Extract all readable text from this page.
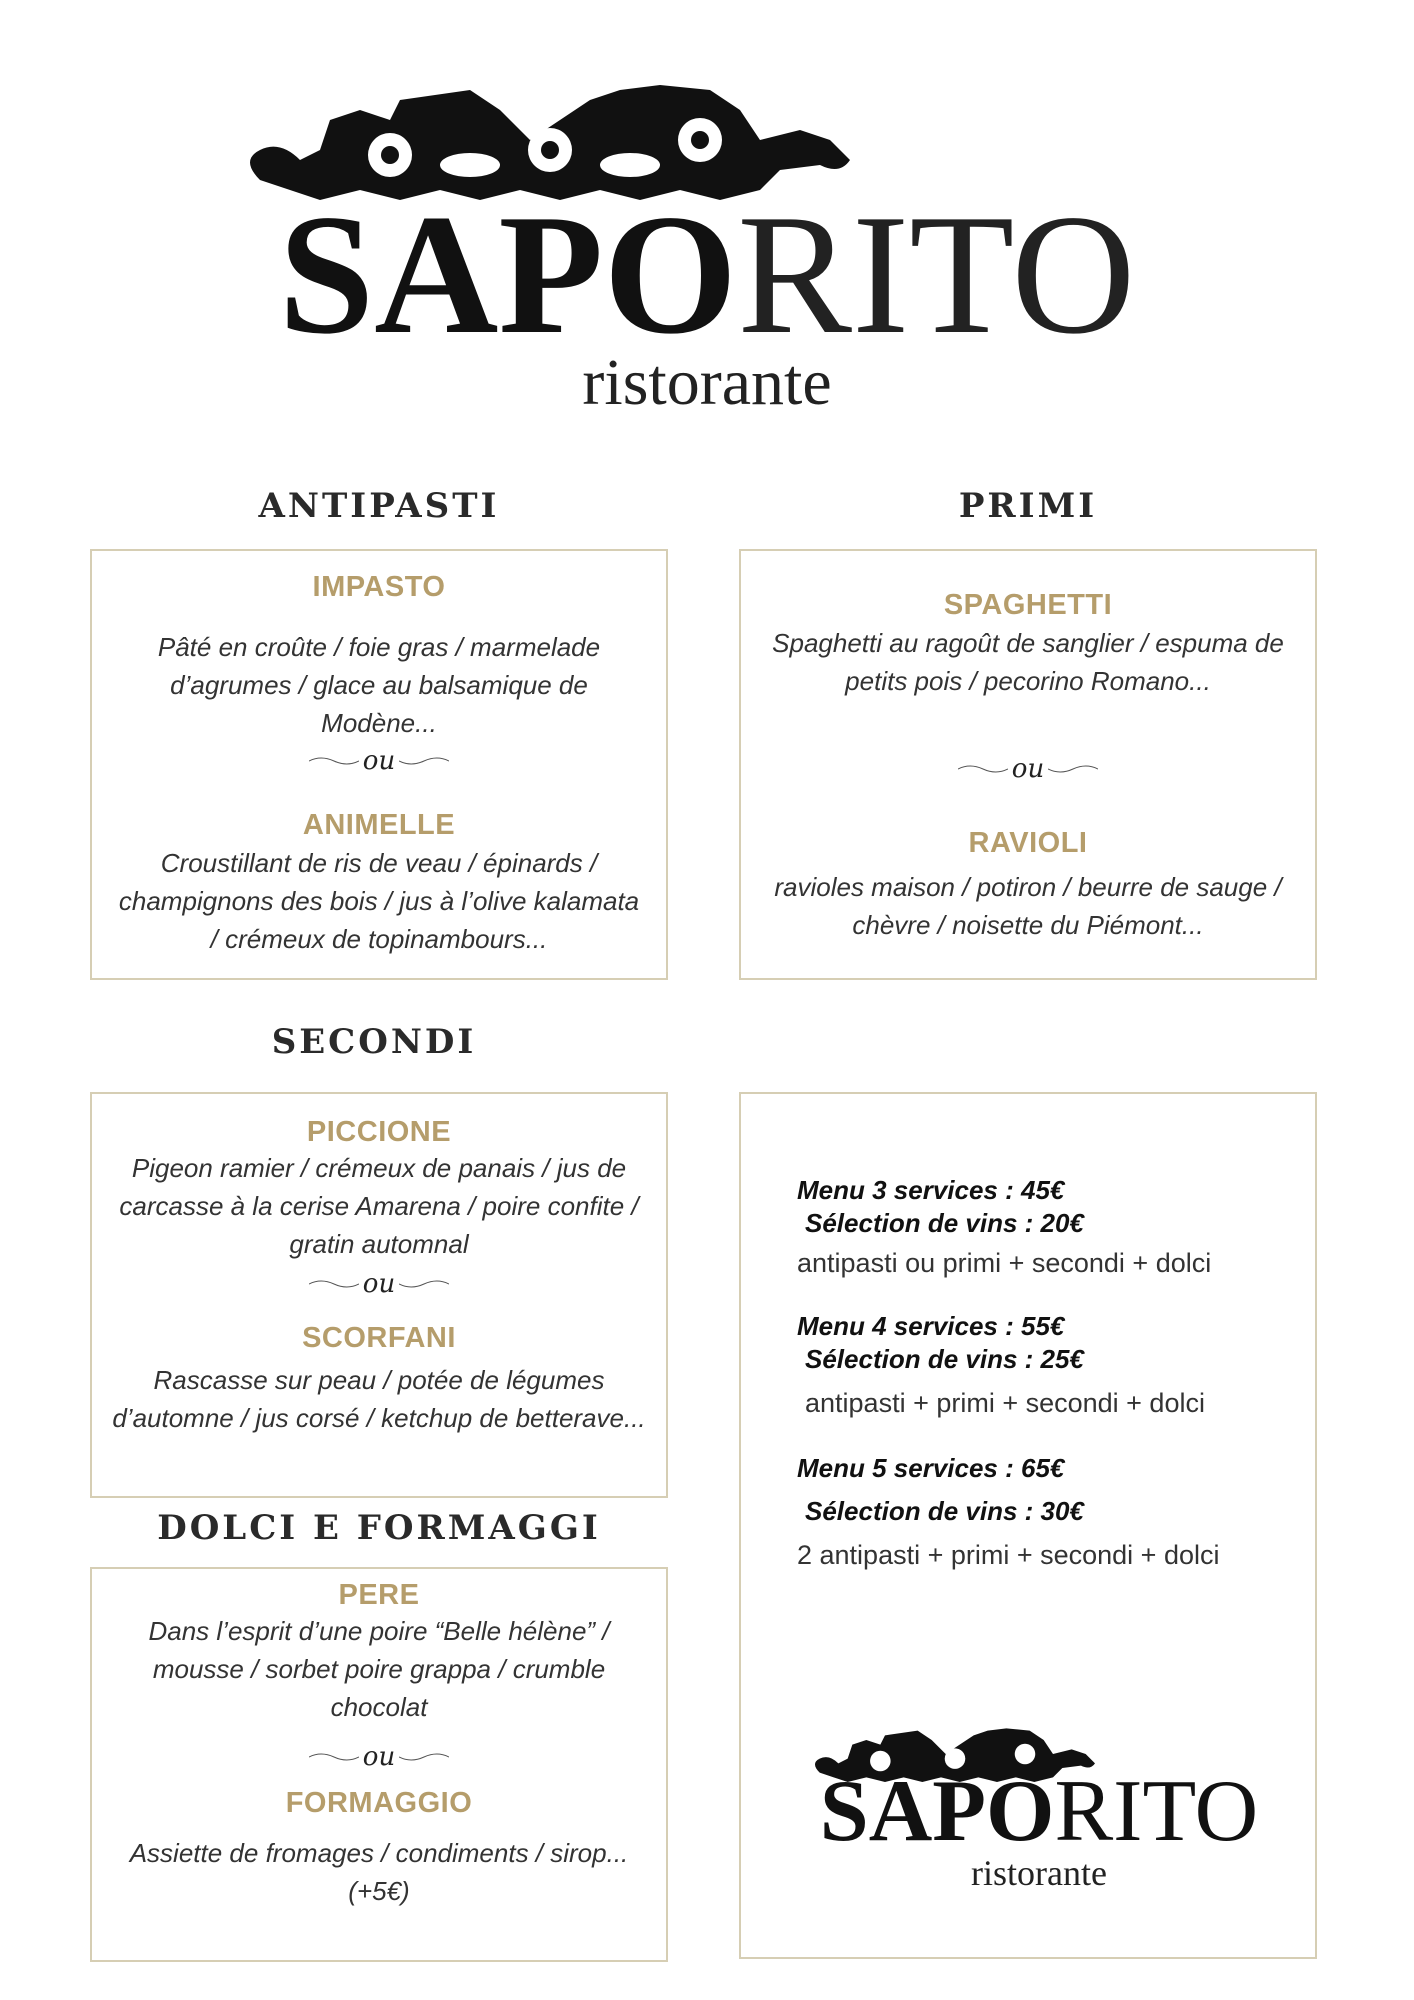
SAPORITO
ristorante
ANTIPASTI
IMPASTO
Pâté en croûte / foie gras / marmelade d’agrumes / glace au balsamique de Modène...
ou
ANIMELLE
Croustillant de ris de veau / épinards / champignons des bois / jus à l’olive kalamata / crémeux de topinambours...
PRIMI
SPAGHETTI
Spaghetti au ragoût de sanglier / espuma de petits pois / pecorino Romano...
ou
RAVIOLI
ravioles maison / potiron / beurre de sauge / chèvre / noisette du Piémont...
SECONDI
PICCIONE
Pigeon ramier / crémeux de panais / jus de carcasse à la cerise Amarena / poire confite / gratin automnal
ou
SCORFANI
Rascasse sur peau / potée de légumes d’automne / jus corsé / ketchup de betterave...
DOLCI E FORMAGGI
PERE
Dans l’esprit d’une poire “Belle hélène” / mousse / sorbet poire grappa / crumble chocolat
ou
FORMAGGIO
Assiette de fromages / condiments / sirop... (+5€)
Menu 3 services : 45€
Sélection de vins : 20€
antipasti ou primi + secondi + dolci
Menu 4 services : 55€
Sélection de vins : 25€
antipasti + primi + secondi + dolci
Menu 5 services : 65€
Sélection de vins : 30€
2 antipasti + primi + secondi + dolci
SAPORITO
ristorante
